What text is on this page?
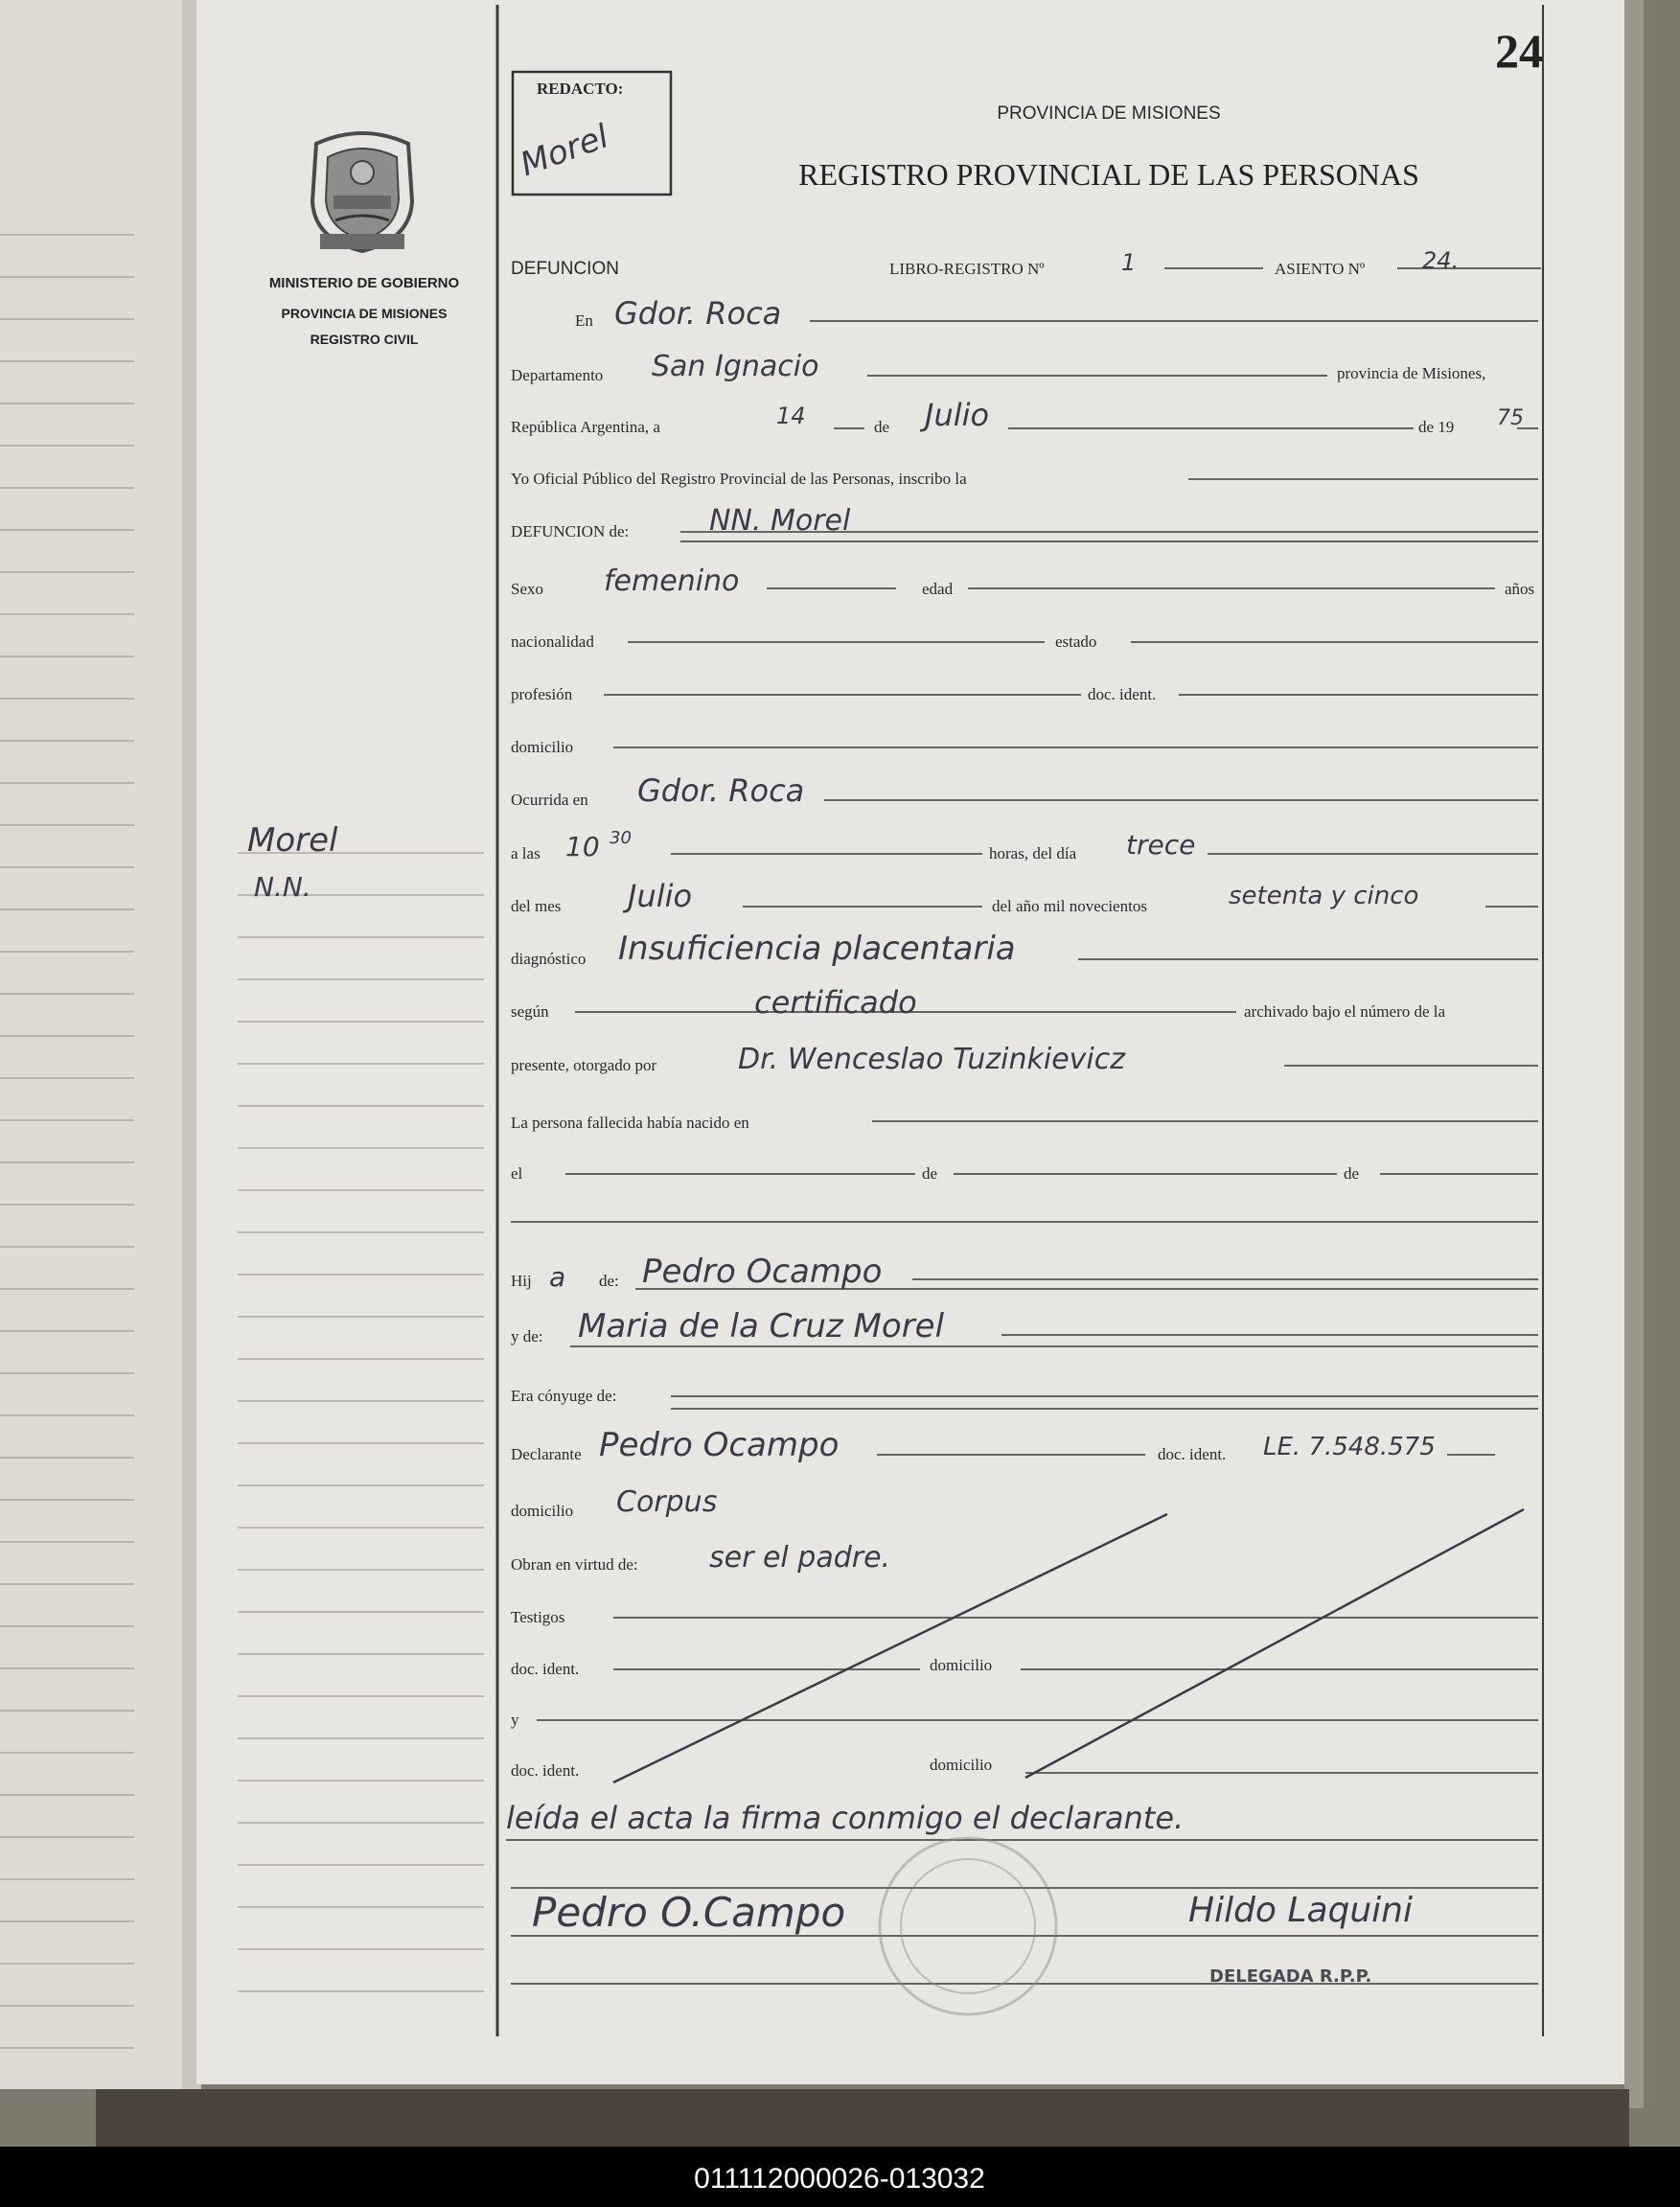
24
REDACTO:
Morel
PROVINCIA DE MISIONES
REGISTRO PROVINCIAL DE LAS PERSONAS
MINISTERIO DE GOBIERNO
PROVINCIA DE MISIONES
REGISTRO CIVIL
Morel
N.N.
DEFUNCION	LIBRO-REGISTRO Nº	1	ASIENTO Nº 24.
En Gdor. Roca
Departamento San Ignacio	provincia de Misiones,
República Argentina, a	14	de Julio	de 19 75
Yo Oficial Público del Registro Provincial de las Personas, inscribo la
DEFUNCION de:	NN. Morel
Sexo femenino	edad	años
nacionalidad	estado
profesión	doc. ident.
domicilio
Ocurrida en Gdor. Roca
a las 10 30
horas, del día trece
del mes Julio	del año mil novecientos	setenta y cinco
diagnóstico Insuficiencia placentaria
según	certificado	archivado bajo el número de la
presente, otorgado por	Dr. Wenceslao Tuzinkievicz
La persona fallecida había nacido en
el	de	de
Hij a de: Pedro Ocampo
y de: Maria de la Cruz Morel
Era cónyuge de:
Declarante Pedro Ocampo	doc. ident. LE. 7.548.575
domicilio Corpus
Obran en virtud de: ser el padre.
Testigos
doc. ident.	domicilio
y
doc. ident.	domicilio
leída el acta la firma conmigo el declarante.
Pedro O.Campo	Hildo Laquini
DELEGADA R.P.P.
011112000026-013032
